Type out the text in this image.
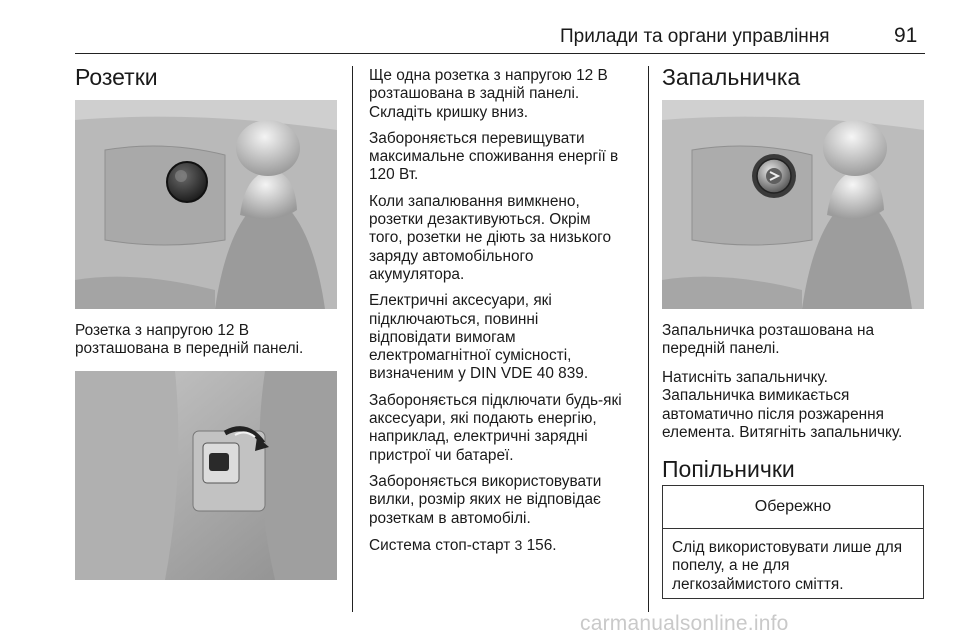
Прилади та органи управління	91
Розетки

Розетка з напругою 12 В
розташована в передній панелі.

Ще одна розетка з напругою 12 В
розташована в задній панелі.
Складіть кришку вниз.

Забороняється перевищувати
максимальне споживання енергії в
120 Вт.

Коли запалювання вимкнено,
розетки дезактивуються. Окрім
того, розетки не діють за низького
заряду автомобільного
акумулятора.

Електричні аксесуари, які
підключаються, повинні
відповідати вимогам
електромагнітної сумісності,
визначеним у DIN VDE 40 839.

Забороняється підключати будь-які
аксесуари, які подають енергію,
наприклад, електричні зарядні
пристрої чи батареї.

Забороняється використовувати
вилки, розмір яких не відповідає
розеткам в автомобілі.

Система стоп-старт 3 156.

Запальничка

Запальничка розташована на
передній панелі.

Натисніть запальничку.
Запальничка вимикається
автоматично після розжарення
елемента. Витягніть запальничку.

Попільнички
Обережно
Слід використовувати лише для
попелу, а не для
легкозаймистого сміття.
carmanualsonline.info
